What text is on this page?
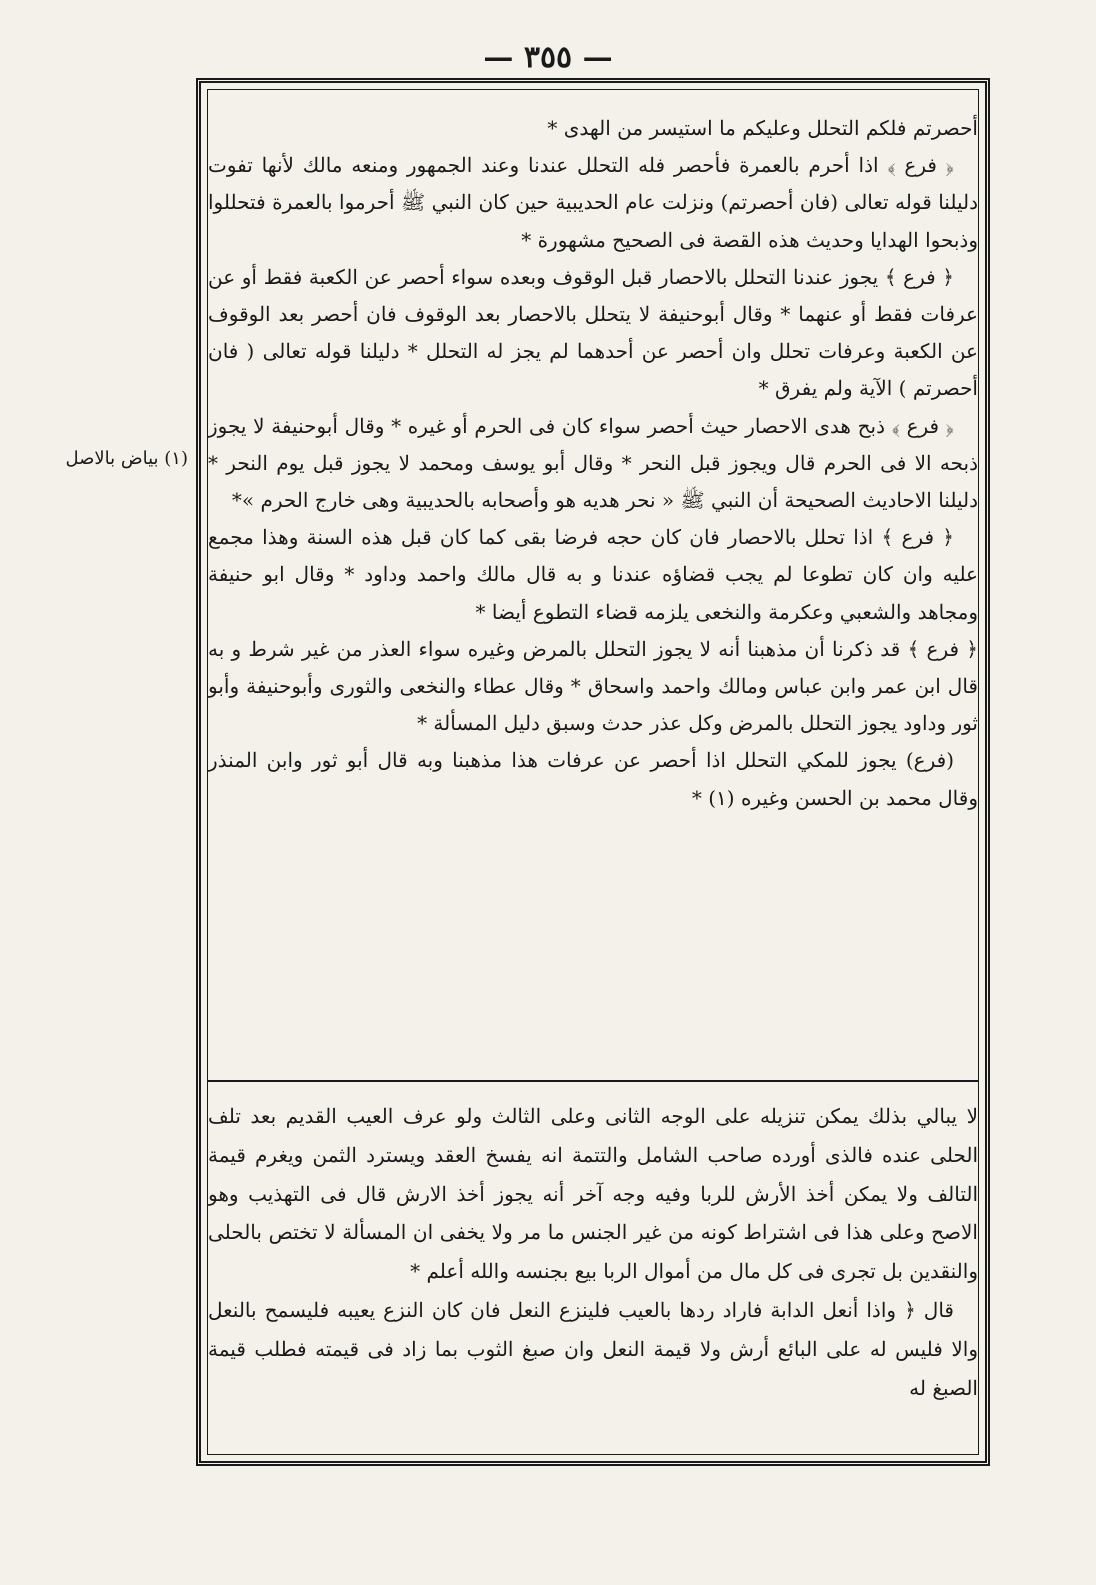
— ٣٥٥ —

أحصرتم فلكم التحلل وعليكم ما استيسر من الهدى *

﴿ فرع ﴾ اذا أحرم بالعمرة فأحصر فله التحلل عندنا وعند الجمهور ومنعه مالك لأنها تفوت دليلنا قوله تعالى (فان أحصرتم) ونزلت عام الحديبية حين كان النبي ﷺ أحرموا بالعمرة فتحللوا وذبحوا الهدايا وحديث هذه القصة فى الصحيح مشهورة *

﴿ فرع ﴾ يجوز عندنا التحلل بالاحصار قبل الوقوف وبعده سواء أحصر عن الكعبة فقط أو عن عرفات فقط أو عنهما * وقال أبوحنيفة لا يتحلل بالاحصار بعد الوقوف فان أحصر بعد الوقوف عن الكعبة وعرفات تحلل وان أحصر عن أحدهما لم يجز له التحلل * دليلنا قوله تعالى ( فان أحصرتم ) الآية ولم يفرق *

﴿ فرع ﴾ ذبح هدى الاحصار حيث أحصر سواء كان فى الحرم أو غيره * وقال أبوحنيفة لا يجوز ذبحه الا فى الحرم قال ويجوز قبل النحر * وقال أبو يوسف ومحمد لا يجوز قبل يوم النحر * دليلنا الاحاديث الصحيحة أن النبي ﷺ « نحر هديه هو وأصحابه بالحديبية وهى خارج الحرم »*

﴿ فرع ﴾ اذا تحلل بالاحصار فان كان حجه فرضا بقى كما كان قبل هذه السنة وهذا مجمع عليه وان كان تطوعا لم يجب قضاؤه عندنا و به قال مالك واحمد وداود * وقال ابو حنيفة ومجاهد والشعبي وعكرمة والنخعى يلزمه قضاء التطوع أيضا *

﴿ فرع ﴾ قد ذكرنا أن مذهبنا أنه لا يجوز التحلل بالمرض وغيره سواء العذر من غير شرط و به قال ابن عمر وابن عباس ومالك واحمد واسحاق * وقال عطاء والنخعى والثورى وأبوحنيفة وأبو ثور وداود يجوز التحلل بالمرض وكل عذر حدث وسبق دليل المسألة *

(فرع) يجوز للمكي التحلل اذا أحصر عن عرفات هذا مذهبنا وبه قال أبو ثور وابن المنذر وقال محمد بن الحسن وغيره (١) *

لا يبالي بذلك يمكن تنزيله على الوجه الثانى وعلى الثالث ولو عرف العيب القديم بعد تلف الحلى عنده فالذى أورده صاحب الشامل والتتمة انه يفسخ العقد ويسترد الثمن ويغرم قيمة التالف ولا يمكن أخذ الأرش للربا وفيه وجه آخر أنه يجوز أخذ الارش قال فى التهذيب وهو الاصح وعلى هذا فى اشتراط كونه من غير الجنس ما مر ولا يخفى ان المسألة لا تختص بالحلى والنقدين بل تجرى فى كل مال من أموال الربا بيع بجنسه والله أعلم *

قال ﴿ واذا أنعل الدابة فاراد ردها بالعيب فلينزع النعل فان كان النزع يعيبه فليسمح بالنعل والا فليس له على البائع أرش ولا قيمة النعل وان صبغ الثوب بما زاد فى قيمته فطلب قيمة الصبغ له

(١) بياض بالاصل
